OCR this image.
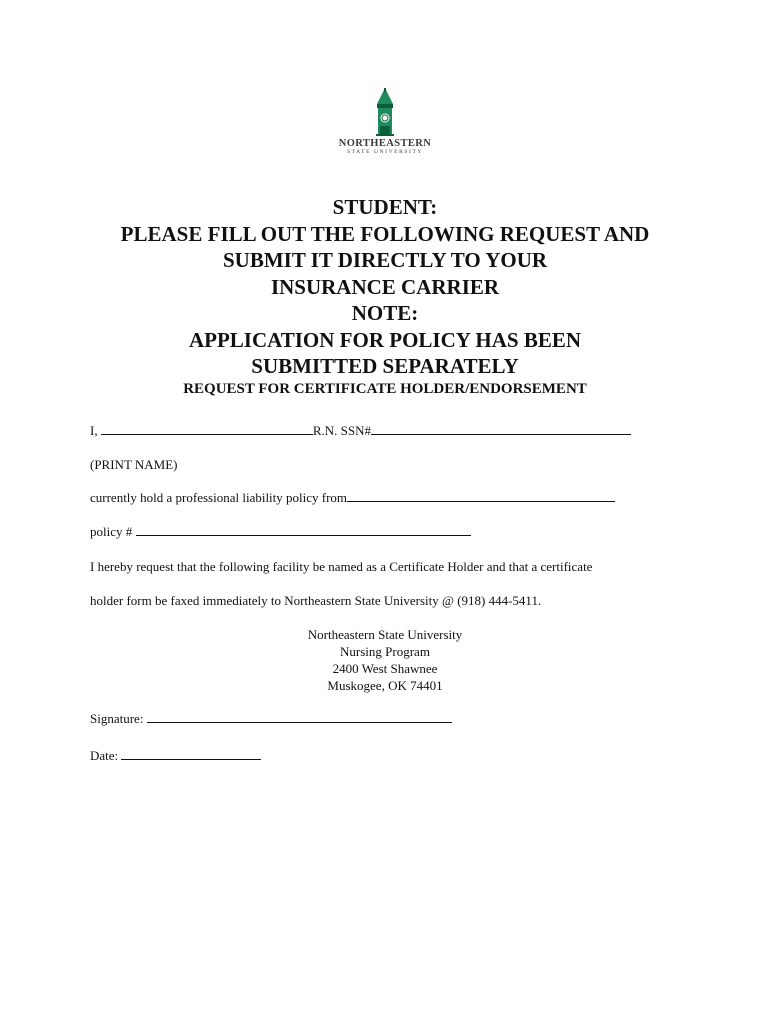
NORTHEASTERN
STATE UNIVERSITY
STUDENT:
PLEASE FILL OUT THE FOLLOWING REQUEST AND
SUBMIT IT DIRECTLY TO YOUR
INSURANCE CARRIER
NOTE:
APPLICATION FOR POLICY HAS BEEN
SUBMITTED SEPARATELY
REQUEST FOR CERTIFICATE HOLDER/ENDORSEMENT
I,	R.N. SSN#
(PRINT NAME)
currently hold a professional liability policy from
policy #
I hereby request that the following facility be named as a Certificate Holder and that a certificate
holder form be faxed immediately to Northeastern State University @ (918) 444-5411.
Northeastern State University
Nursing Program
2400 West Shawnee
Muskogee, OK 74401
Signature:
Date:
